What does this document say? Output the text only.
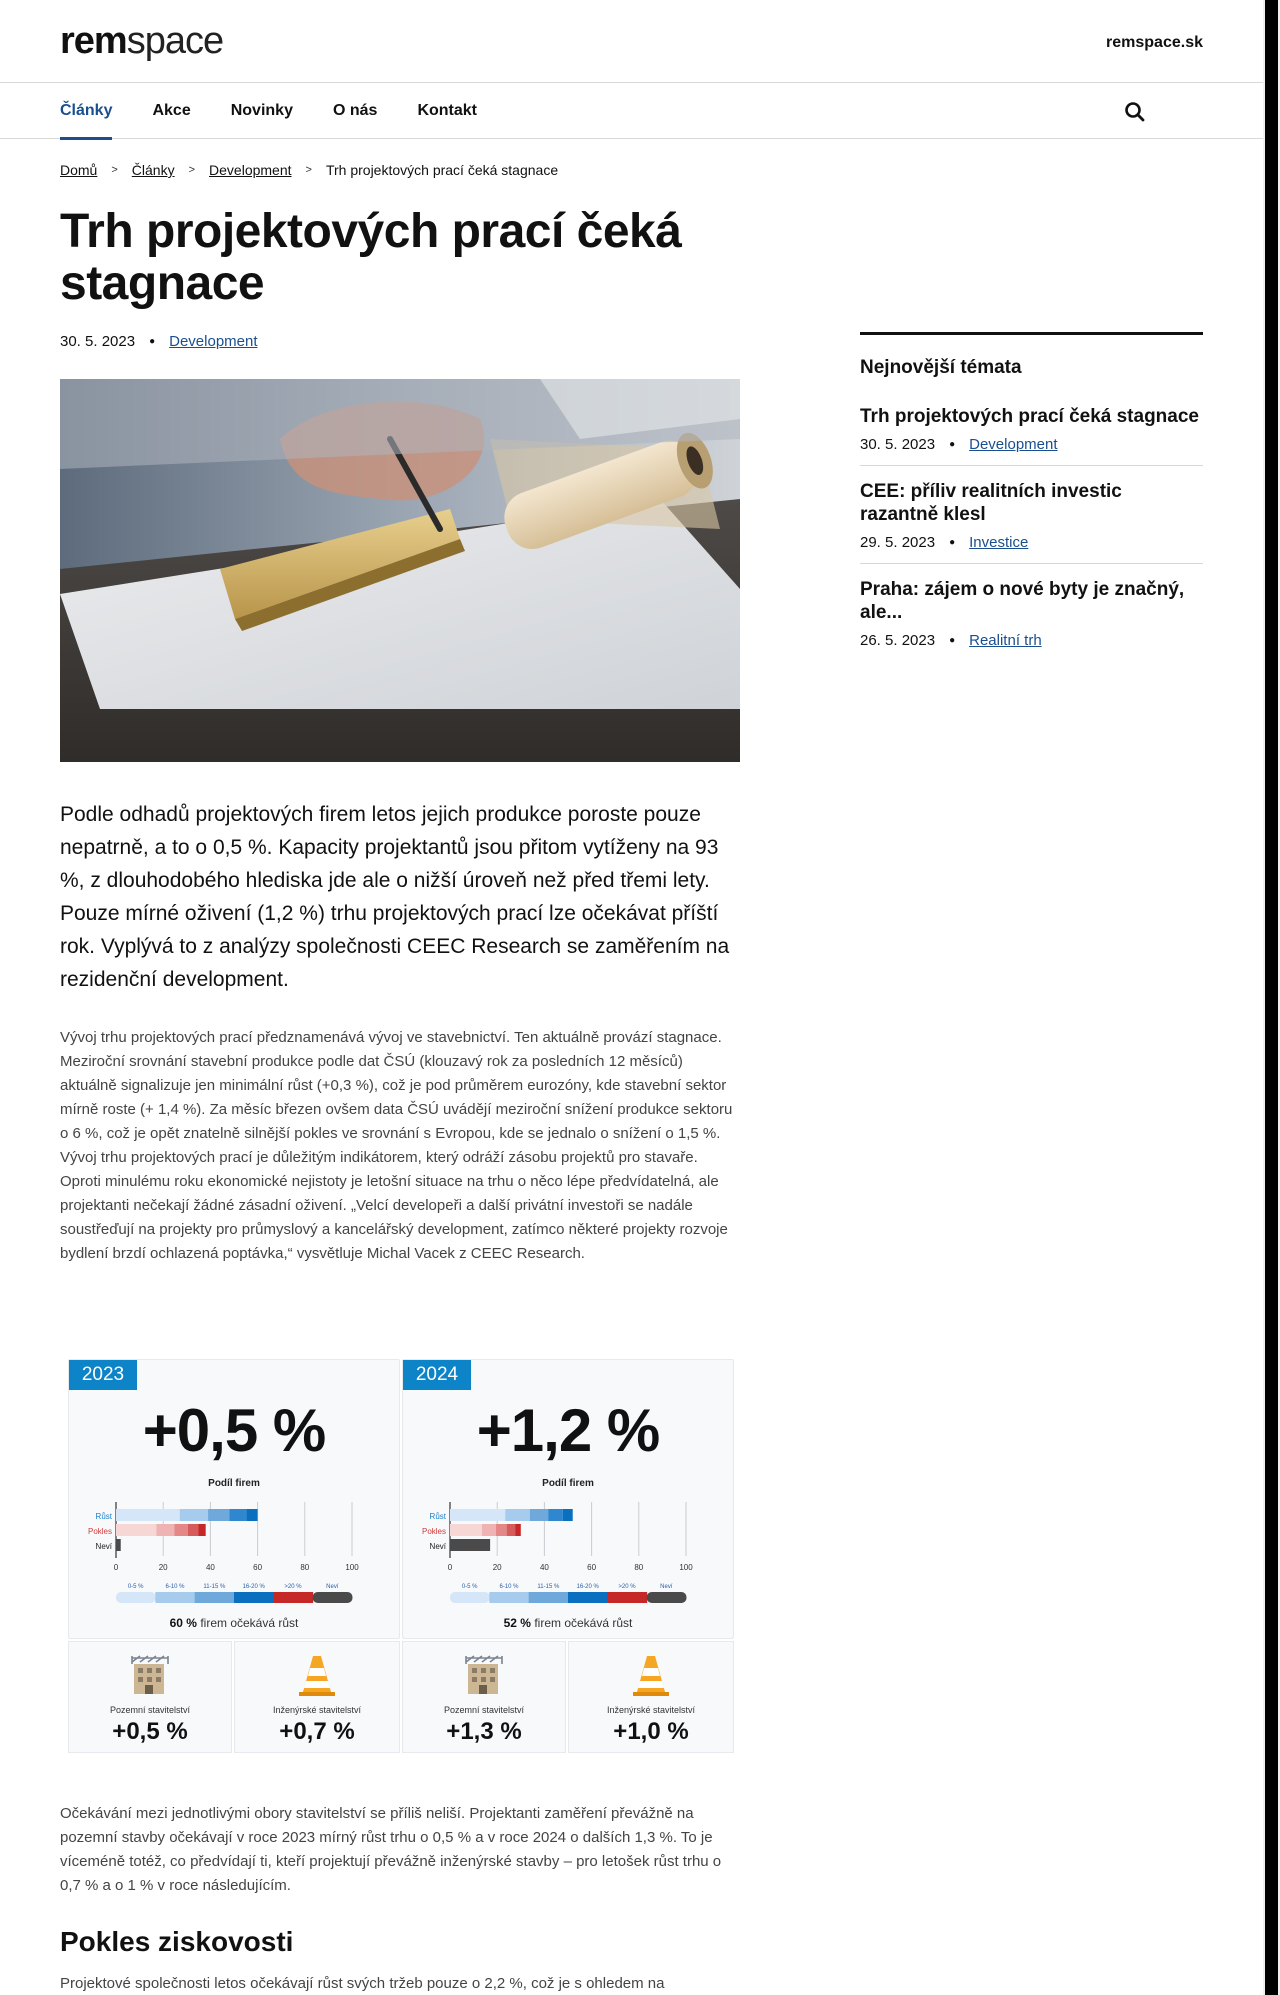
rem space	remspace.sk
Články	Akce	Novinky	O nás	Kontakt
Domů > Články > Development > Trh projektových prací čeká stagnace
Trh projektových prací čeká stagnace
30. 5. 2023 ● Development

Podle odhadů projektových firem letos jejich produkce poroste pouze nepatrně, a to o 0,5 %. Kapacity projektantů jsou přitom vytíženy na 93 %, z dlouhodobého hlediska jde ale o nižší úroveň než před třemi lety. Pouze mírné oživení (1,2 %) trhu projektových prací lze očekávat příští rok. Vyplývá to z analýzy společnosti CEEC Research se zaměřením na rezidenční development.

Vývoj trhu projektových prací předznamenává vývoj ve stavebnictví. Ten aktuálně provází stagnace. Meziroční srovnání stavební produkce podle dat ČSÚ (klouzavý rok za posledních 12 měsíců) aktuálně signalizuje jen minimální růst (+0,3 %), což je pod průměrem eurozóny, kde stavební sektor mírně roste (+ 1,4 %). Za měsíc březen ovšem data ČSÚ uvádějí meziroční snížení produkce sektoru o 6 %, což je opět znatelně silnější pokles ve srovnání s Evropou, kde se jednalo o snížení o 1,5 %.

Vývoj trhu projektových prací je důležitým indikátorem, který odráží zásobu projektů pro stavaře. Oproti minulému roku ekonomické nejistoty je letošní situace na trhu o něco lépe předvídatelná, ale projektanti nečekají žádné zásadní oživení. „Velcí developeři a další privátní investoři se nadále soustřeďují na projekty pro průmyslový a kancelářský development, zatímco některé projekty rozvoje bydlení brzdí ochlazená poptávka,“ vysvětluje Michal Vacek z CEEC Research.

2023
+0,5 %
Podíl firem
0	20	40	60	80	100
Růst
Pokles
Neví
0-5 %	6-10 %	11-15 %	16-20 %	>20 %	Neví
60 % firem očekává růst
2024
+1,2 %
Podíl firem
0	20	40	60	80	100
Růst
Pokles
Neví
0-5 %	6-10 %	11-15 %	16-20 %	>20 %	Neví
52 % firem očekává růst
Pozemní stavitelství
+0,5 %
Inženýrské stavitelství
+0,7 %
Pozemní stavitelství
+1,3 %
Inženýrské stavitelství
+1,0 %

Očekávání mezi jednotlivými obory stavitelství se příliš neliší. Projektanti zaměření převážně na pozemní stavby očekávají v roce 2023 mírný růst trhu o 0,5 % a v roce 2024 o dalších 1,3 %. To je víceméně totéž, co předvídají ti, kteří projektují převážně inženýrské stavby – pro letošek růst trhu o 0,7 % a o 1 % v roce následujícím.

Pokles ziskovosti

Projektové společnosti letos očekávají růst svých tržeb pouze o 2,2 %, což je s ohledem na

Nejnovější témata
Trh projektových prací čeká stagnace
30. 5. 2023 ● Development
CEE: příliv realitních investic razantně klesl
29. 5. 2023 ● Investice
Praha: zájem o nové byty je značný, ale...
26. 5. 2023 ● Realitní trh
